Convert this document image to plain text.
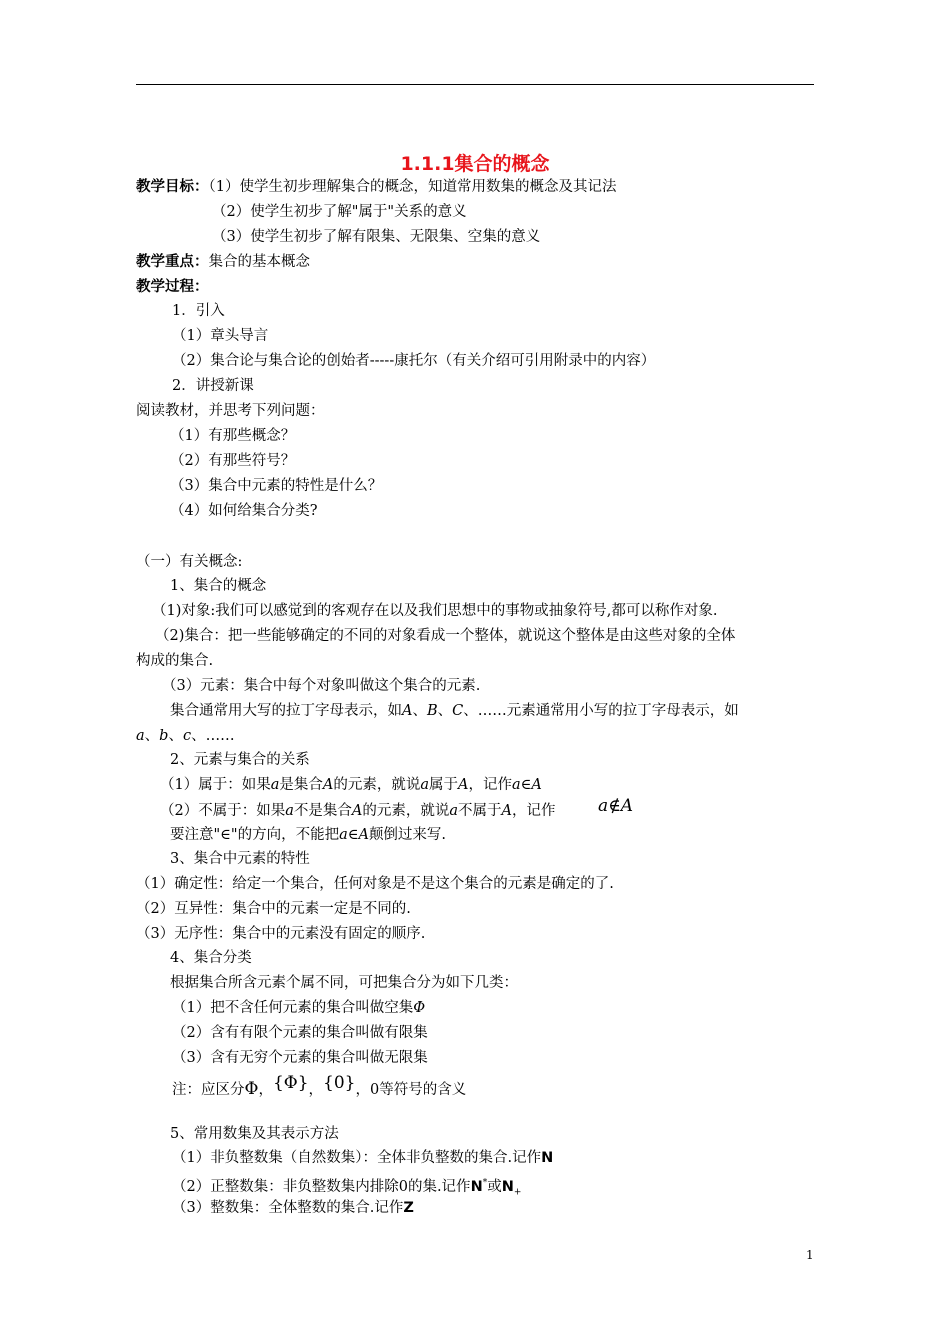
1.1.1集合的概念
教学目标：（1）使学生初步理解集合的概念，知道常用数集的概念及其记法
（2）使学生初步了解"属于"关系的意义
（3）使学生初步了解有限集、无限集、空集的意义
教学重点：集合的基本概念
教学过程：
1．引入
（1）章头导言
（2）集合论与集合论的创始者-----康托尔（有关介绍可引用附录中的内容）
2．讲授新课
阅读教材，并思考下列问题：
（1）有那些概念？
（2）有那些符号？
（3）集合中元素的特性是什么？
（4）如何给集合分类?
（一）有关概念:
1、集合的概念
（1)对象:我们可以感觉到的客观存在以及我们思想中的事物或抽象符号,都可以称作对象.
（2)集合：把一些能够确定的不同的对象看成一个整体，就说这个整体是由这些对象的全体
构成的集合.
（3）元素：集合中每个对象叫做这个集合的元素.
集合通常用大写的拉丁字母表示，如A、B、C、……元素通常用小写的拉丁字母表示，如
a、b、c、……
2、元素与集合的关系
（1）属于：如果a是集合A的元素，就说a属于A，记作a∈A
（2）不属于：如果a不是集合A的元素，就说a不属于A，记作 a∉A
要注意"∈"的方向，不能把a∈A颠倒过来写.
3、集合中元素的特性
（1）确定性：给定一个集合，任何对象是不是这个集合的元素是确定的了.
（2）互异性：集合中的元素一定是不同的.
（3）无序性：集合中的元素没有固定的顺序.
4、集合分类
根据集合所含元素个属不同，可把集合分为如下几类：
（1）把不含任何元素的集合叫做空集Φ
（2）含有有限个元素的集合叫做有限集
（3）含有无穷个元素的集合叫做无限集
注：应区分Φ，{Φ}，{0}，0等符号的含义
5、常用数集及其表示方法
（1）非负整数集（自然数集）：全体非负整数的集合.记作N
（2）正整数集：非负整数集内排除0的集.记作N*或$N_+$
（3）整数集：全体整数的集合.记作Z
1
